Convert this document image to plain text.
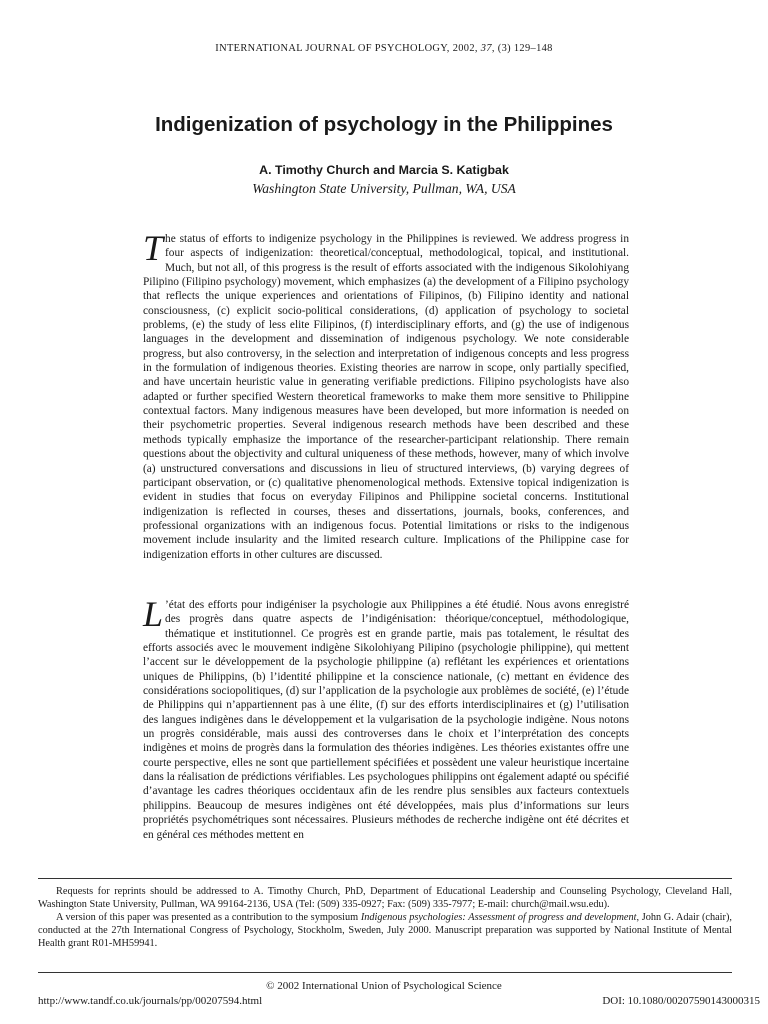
INTERNATIONAL JOURNAL OF PSYCHOLOGY, 2002, 37, (3) 129–148
Indigenization of psychology in the Philippines
A. Timothy Church and Marcia S. Katigbak
Washington State University, Pullman, WA, USA

The status of efforts to indigenize psychology in the Philippines is reviewed. We address progress in four aspects of indigenization: theoretical/conceptual, methodological, topical, and institutional. Much, but not all, of this progress is the result of efforts associated with the indigenous Sikolohiyang Pilipino (Filipino psychology) movement, which emphasizes (a) the development of a Filipino psychology that reflects the unique experiences and orientations of Filipinos, (b) Filipino identity and national consciousness, (c) explicit socio-political considerations, (d) application of psychology to societal problems, (e) the study of less elite Filipinos, (f) interdisciplinary efforts, and (g) the use of indigenous languages in the development and dissemination of indigenous psychology. We note considerable progress, but also controversy, in the selection and interpretation of indigenous concepts and less progress in the formulation of indigenous theories. Existing theories are narrow in scope, only partially specified, and have uncertain heuristic value in generating verifiable predictions. Filipino psychologists have also adapted or further specified Western theoretical frameworks to make them more sensitive to Philippine contextual factors. Many indigenous measures have been developed, but more information is needed on their psychometric properties. Several indigenous research methods have been described and these methods typically emphasize the importance of the researcher-participant relationship. There remain questions about the objectivity and cultural uniqueness of these methods, however, many of which involve (a) unstructured conversations and discussions in lieu of structured interviews, (b) varying degrees of participant observation, or (c) qualitative phenomenological methods. Extensive topical indigenization is evident in studies that focus on everyday Filipinos and Philippine societal concerns. Institutional indigenization is reflected in courses, theses and dissertations, journals, books, conferences, and professional organizations with an indigenous focus. Potential limitations or risks to the indigenous movement include insularity and the limited research culture. Implications of the Philippine case for indigenization efforts in other cultures are discussed.

L ’état des efforts pour indigéniser la psychologie aux Philippines a été étudié. Nous avons enregistré des progrès dans quatre aspects de l’indigénisation: théorique/conceptuel, méthodologique, thématique et institutionnel. Ce progrès est en grande partie, mais pas totalement, le résultat des efforts associés avec le mouvement indigène Sikolohiyang Pilipino (psychologie philippine), qui mettent l’accent sur le développement de la psychologie philippine (a) reflétant les expériences et orientations uniques de Philippins, (b) l’identité philippine et la conscience nationale, (c) mettant en évidence des considérations sociopolitiques, (d) sur l’application de la psychologie aux problèmes de société, (e) l’étude de Philippins qui n’appartiennent pas à une élite, (f) sur des efforts interdisciplinaires et (g) l’utilisation des langues indigènes dans le développement et la vulgarisation de la psychologie indigène. Nous notons un progrès considérable, mais aussi des controverses dans le choix et l’interprétation des concepts indigènes et moins de progrès dans la formulation des théories indigènes. Les théories existantes offre une courte perspective, elles ne sont que partiellement spécifiées et possèdent une valeur heuristique incertaine dans la réalisation de prédictions vérifiables. Les psychologues philippins ont également adapté ou spécifié d’avantage les cadres théoriques occidentaux afin de les rendre plus sensibles aux facteurs contextuels philippins. Beaucoup de mesures indigènes ont été développées, mais plus d’informations sur leurs propriétés psychométriques sont nécessaires. Plusieurs méthodes de recherche indigène ont été décrites et en général ces méthodes mettent en

Requests for reprints should be addressed to A. Timothy Church, PhD, Department of Educational Leadership and Counseling Psychology, Cleveland Hall, Washington State University, Pullman, WA 99164-2136, USA (Tel: (509) 335-0927; Fax: (509) 335-7977; E-mail: church@mail.wsu.edu).

A version of this paper was presented as a contribution to the symposium Indigenous psychologies: Assessment of progress and development, John G. Adair (chair), conducted at the 27th International Congress of Psychology, Stockholm, Sweden, July 2000. Manuscript preparation was supported by National Institute of Mental Health grant R01-MH59941.

© 2002 International Union of Psychological Science
http://www.tandf.co.uk/journals/pp/00207594.html	DOI: 10.1080/00207590143000315
